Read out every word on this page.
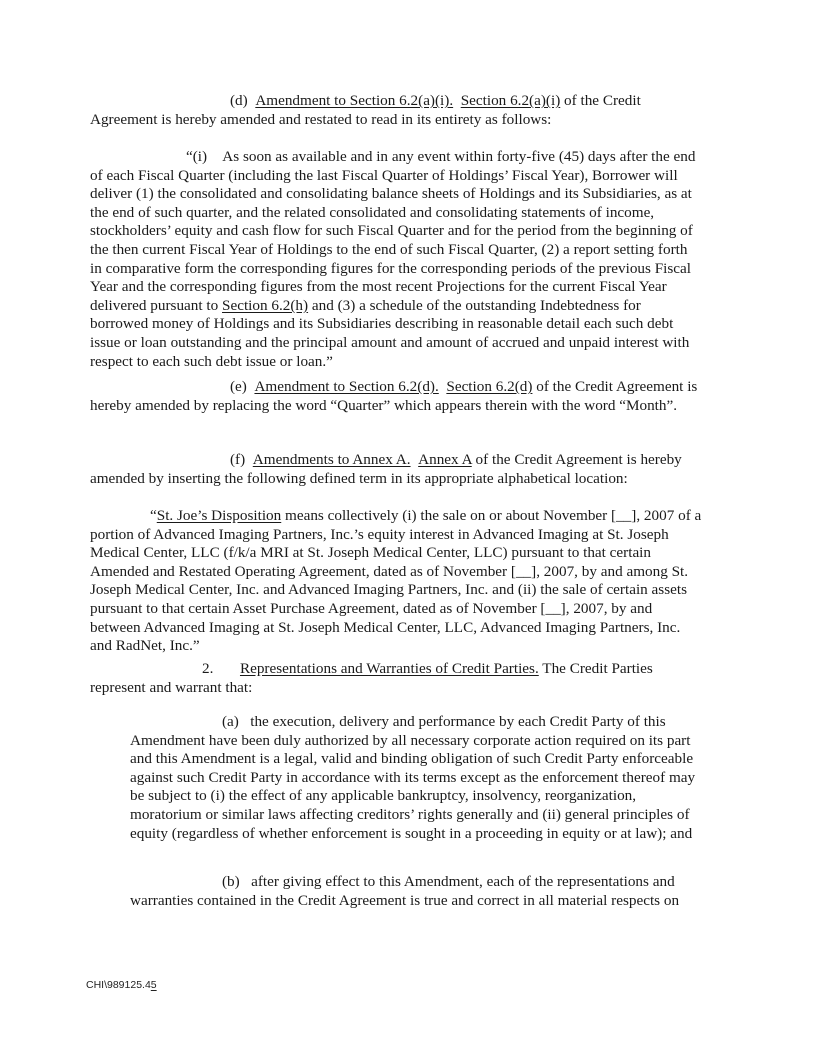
(d) Amendment to Section 6.2(a)(i). Section 6.2(a)(i) of the Credit Agreement is hereby amended and restated to read in its entirety as follows:

“(i)    As soon as available and in any event within forty-five (45) days after the end of each Fiscal Quarter (including the last Fiscal Quarter of Holdings’ Fiscal Year), Borrower will deliver (1) the consolidated and consolidating balance sheets of Holdings and its Subsidiaries, as at the end of such quarter, and the related consolidated and consolidating statements of income, stockholders’ equity and cash flow for such Fiscal Quarter and for the period from the beginning of the then current Fiscal Year of Holdings to the end of such Fiscal Quarter, (2) a report setting forth in comparative form the corresponding figures for the corresponding periods of the previous Fiscal Year and the corresponding figures from the most recent Projections for the current Fiscal Year delivered pursuant to Section 6.2(h) and (3) a schedule of the outstanding Indebtedness for borrowed money of Holdings and its Subsidiaries describing in reasonable detail each such debt issue or loan outstanding and the principal amount and amount of accrued and unpaid interest with respect to each such debt issue or loan.”

(e) Amendment to Section 6.2(d). Section 6.2(d) of the Credit Agreement is hereby amended by replacing the word “Quarter” which appears therein with the word “Month”.

(f) Amendments to Annex A. Annex A of the Credit Agreement is hereby amended by inserting the following defined term in its appropriate alphabetical location:

“St. Joe’s Disposition means collectively (i) the sale on or about November [__], 2007 of a portion of Advanced Imaging Partners, Inc.’s equity interest in Advanced Imaging at St. Joseph Medical Center, LLC (f/k/a MRI at St. Joseph Medical Center, LLC) pursuant to that certain Amended and Restated Operating Agreement, dated as of November [__], 2007, by and among St. Joseph Medical Center, Inc. and Advanced Imaging Partners, Inc. and (ii) the sale of certain assets pursuant to that certain Asset Purchase Agreement, dated as of November [__], 2007, by and between Advanced Imaging at St. Joseph Medical Center, LLC, Advanced Imaging Partners, Inc. and RadNet, Inc.”

2. Representations and Warranties of Credit Parties. The Credit Parties represent and warrant that:

(a)   the execution, delivery and performance by each Credit Party of this Amendment have been duly authorized by all necessary corporate action required on its part and this Amendment is a legal, valid and binding obligation of such Credit Party enforceable against such Credit Party in accordance with its terms except as the enforcement thereof may be subject to (i) the effect of any applicable bankruptcy, insolvency, reorganization, moratorium or similar laws affecting creditors’ rights generally and (ii) general principles of equity (regardless of whether enforcement is sought in a proceeding in equity or at law); and

(b)   after giving effect to this Amendment, each of the representations and warranties contained in the Credit Agreement is true and correct in all material respects on

CHI\989125.45
